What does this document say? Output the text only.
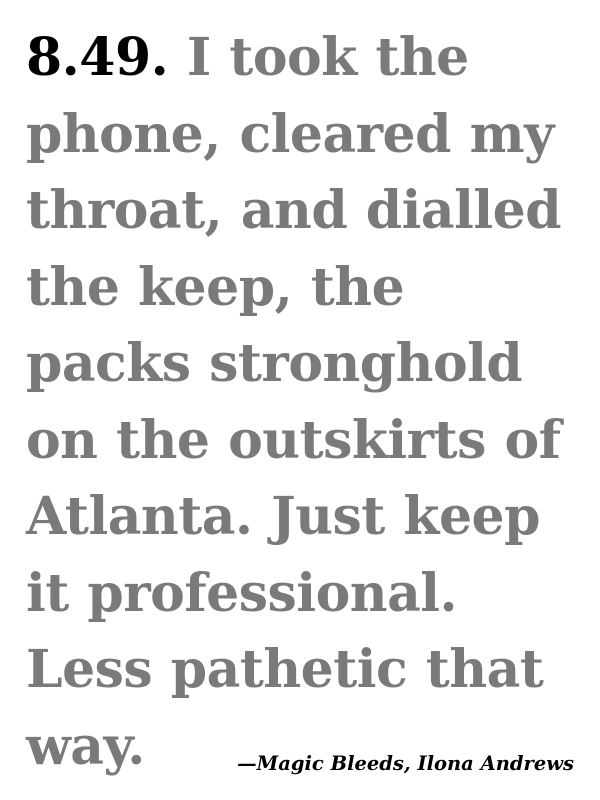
8.49. I took the phone, cleared my throat, and dialled the keep, the packs stronghold on the outskirts of Atlanta. Just keep it professional. Less pathetic that way.	—Magic Bleeds, Ilona Andrews
